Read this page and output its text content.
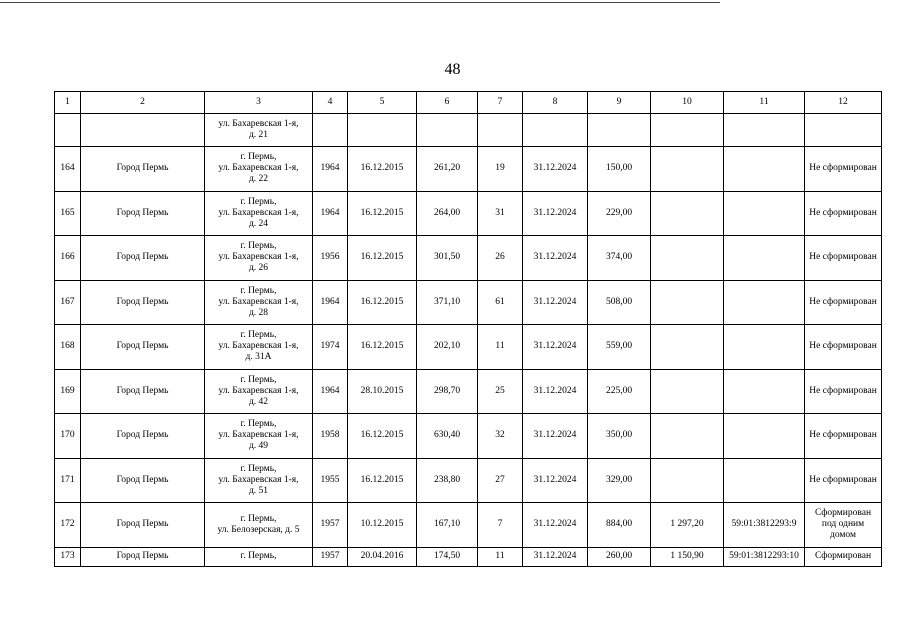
48
1	2	3	4	5	6	7	8	9	10	11	12
		ул. Бахаревская 1-я,
д. 21									
164	Город Пермь	г. Пермь,
ул. Бахаревская 1-я,
д. 22	1964	16.12.2015	261,20	19	31.12.2024	150,00			Не сформирован
165	Город Пермь	г. Пермь,
ул. Бахаревская 1-я,
д. 24	1964	16.12.2015	264,00	31	31.12.2024	229,00			Не сформирован
166	Город Пермь	г. Пермь,
ул. Бахаревская 1-я,
д. 26	1956	16.12.2015	301,50	26	31.12.2024	374,00			Не сформирован
167	Город Пермь	г. Пермь,
ул. Бахаревская 1-я,
д. 28	1964	16.12.2015	371,10	61	31.12.2024	508,00			Не сформирован
168	Город Пермь	г. Пермь,
ул. Бахаревская 1-я,
д. 31А	1974	16.12.2015	202,10	11	31.12.2024	559,00			Не сформирован
169	Город Пермь	г. Пермь,
ул. Бахаревская 1-я,
д. 42	1964	28.10.2015	298,70	25	31.12.2024	225,00			Не сформирован
170	Город Пермь	г. Пермь,
ул. Бахаревская 1-я,
д. 49	1958	16.12.2015	630,40	32	31.12.2024	350,00			Не сформирован
171	Город Пермь	г. Пермь,
ул. Бахаревская 1-я,
д. 51	1955	16.12.2015	238,80	27	31.12.2024	329,00			Не сформирован
172	Город Пермь	г. Пермь,
ул. Белозерская, д. 5	1957	10.12.2015	167,10	7	31.12.2024	884,00	1 297,20	59:01:3812293:9	Сформирован
под одним
домом
173	Город Пермь	г. Пермь,	1957	20.04.2016	174,50	11	31.12.2024	260,00	1 150,90	59:01:3812293:10	Сформирован
